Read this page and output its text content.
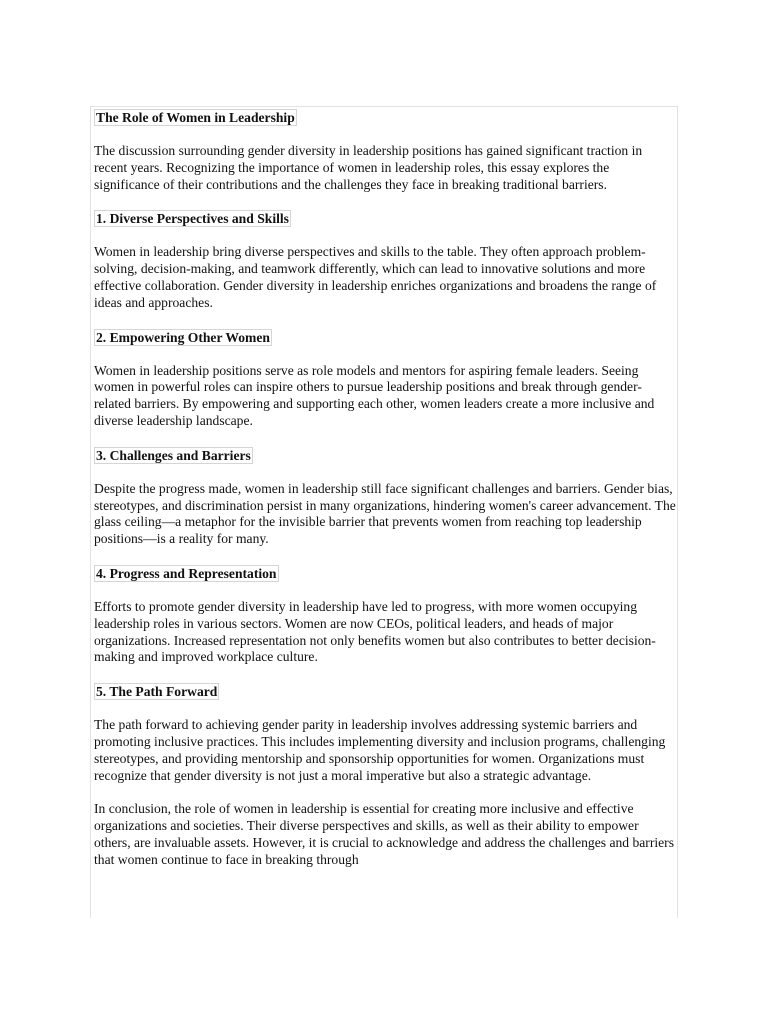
The Role of Women in Leadership

The discussion surrounding gender diversity in leadership positions has gained significant traction in recent years. Recognizing the importance of women in leadership roles, this essay explores the significance of their contributions and the challenges they face in breaking traditional barriers.

1. Diverse Perspectives and Skills

Women in leadership bring diverse perspectives and skills to the table. They often approach problem-solving, decision-making, and teamwork differently, which can lead to innovative solutions and more effective collaboration. Gender diversity in leadership enriches organizations and broadens the range of ideas and approaches.

2. Empowering Other Women

Women in leadership positions serve as role models and mentors for aspiring female leaders. Seeing women in powerful roles can inspire others to pursue leadership positions and break through gender-related barriers. By empowering and supporting each other, women leaders create a more inclusive and diverse leadership landscape.

3. Challenges and Barriers

Despite the progress made, women in leadership still face significant challenges and barriers. Gender bias, stereotypes, and discrimination persist in many organizations, hindering women's career advancement. The glass ceiling—a metaphor for the invisible barrier that prevents women from reaching top leadership positions—is a reality for many.

4. Progress and Representation

Efforts to promote gender diversity in leadership have led to progress, with more women occupying leadership roles in various sectors. Women are now CEOs, political leaders, and heads of major organizations. Increased representation not only benefits women but also contributes to better decision-making and improved workplace culture.

5. The Path Forward

The path forward to achieving gender parity in leadership involves addressing systemic barriers and promoting inclusive practices. This includes implementing diversity and inclusion programs, challenging stereotypes, and providing mentorship and sponsorship opportunities for women. Organizations must recognize that gender diversity is not just a moral imperative but also a strategic advantage.

In conclusion, the role of women in leadership is essential for creating more inclusive and effective organizations and societies. Their diverse perspectives and skills, as well as their ability to empower others, are invaluable assets. However, it is crucial to acknowledge and address the challenges and barriers that women continue to face in breaking through
